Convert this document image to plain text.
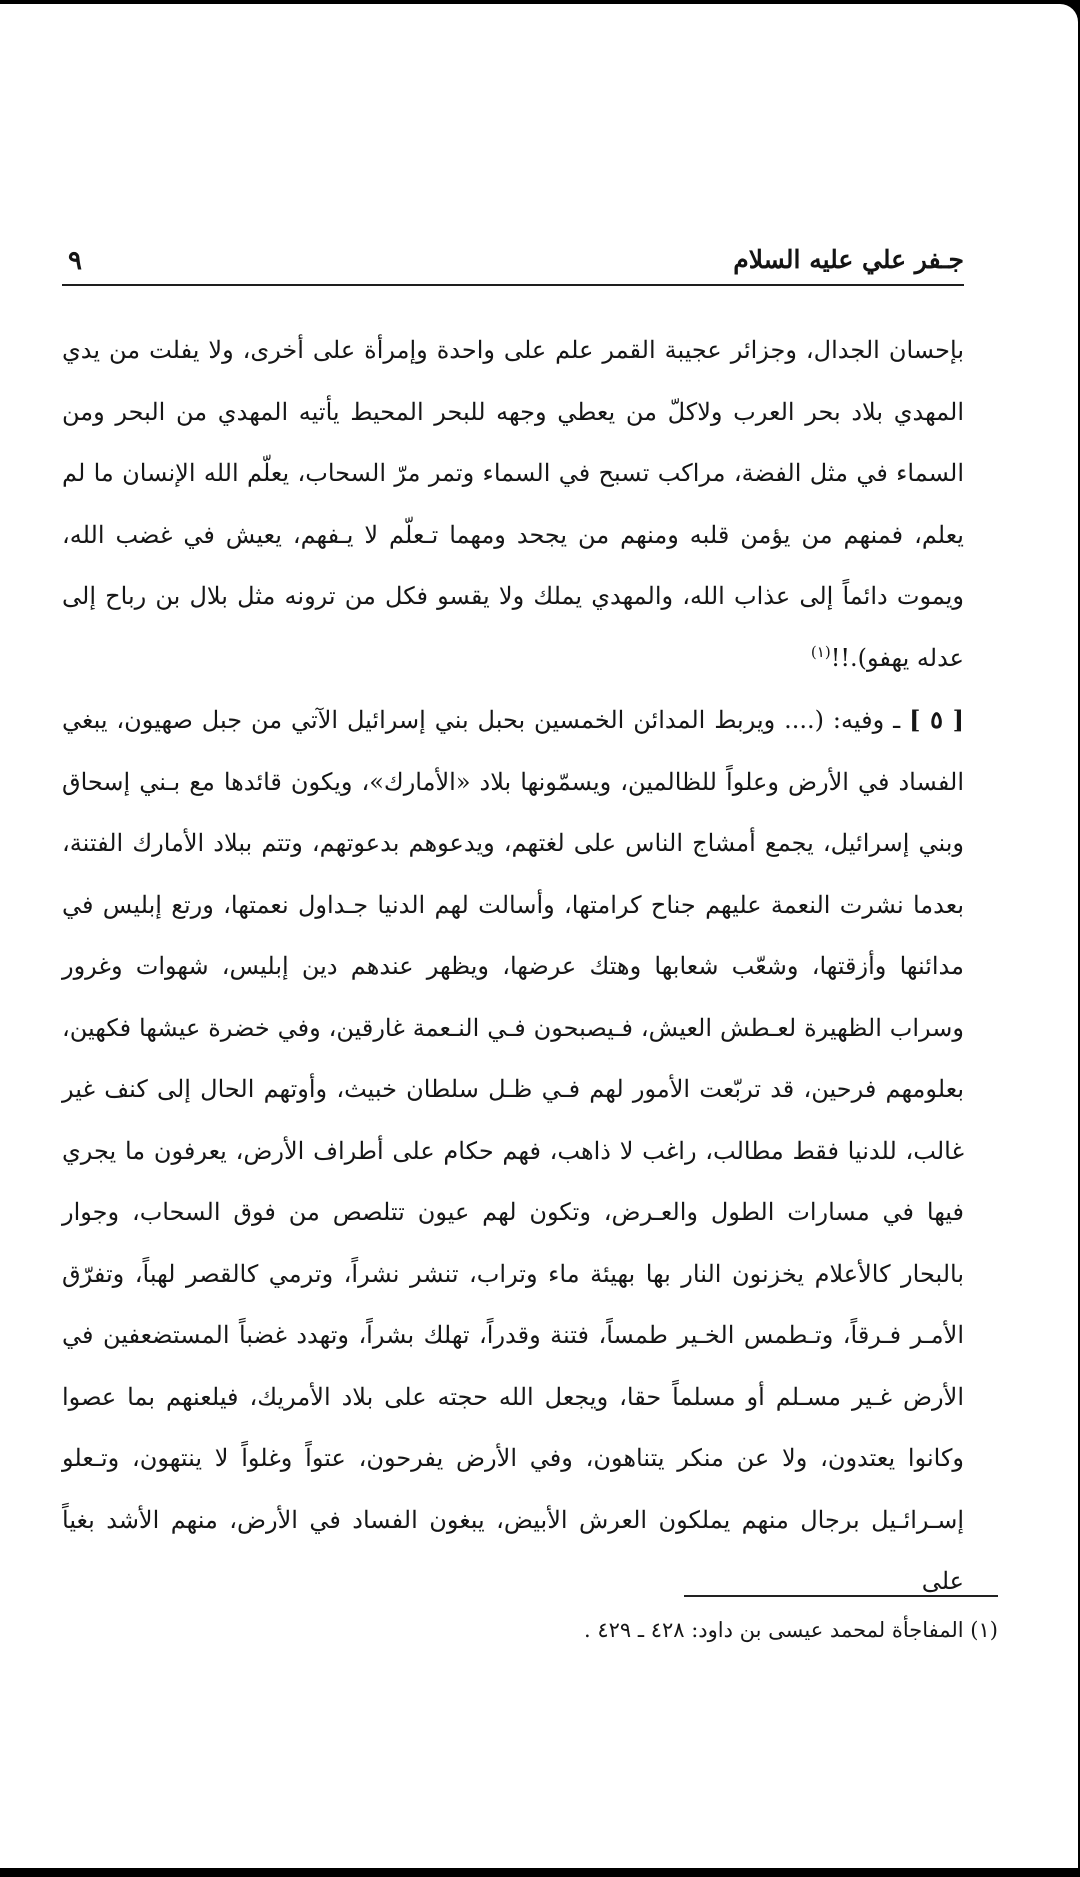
جـفر علي عليه السلام
٩

بإحسان الجدال، وجزائر عجيبة القمر علم على واحدة وإمرأة على أخرى، ولا يفلت من يدي المهدي بلاد بحر العرب ولاكلّ من يعطي وجهه للبحر المحيط يأتيه المهدي من البحر ومن السماء في مثل الفضة، مراكب تسبح في السماء وتمر مرّ السحاب، يعلّم الله الإنسان ما لم يعلم، فمنهم من يؤمن قلبه ومنهم من يجحد ومهما تـعلّم لا يـفهم، يعيش في غضب الله، ويموت دائماً إلى عذاب الله، والمهدي يملك ولا يقسو فكل من ترونه مثل بلال بن رباح إلى عدله يهفو).!!$^{(١)}$

[ ٥ ] ـ وفيه: (.... ويربط المدائن الخمسين بحبل بني إسرائيل الآتي من جبل صهيون، يبغي الفساد في الأرض وعلواً للظالمين، ويسمّونها بلاد «الأمارك»، ويكون قائدها مع بـني إسحاق وبني إسرائيل، يجمع أمشاج الناس على لغتهم، ويدعوهم بدعوتهم، وتتم ببلاد الأمارك الفتنة، بعدما نشرت النعمة عليهم جناح كرامتها، وأسالت لهم الدنيا جـداول نعمتها، ورتع إبليس في مدائنها وأزقتها، وشعّب شعابها وهتك عرضها، ويظهر عندهم دين إبليس، شهوات وغرور وسراب الظهيرة لعـطش العيش، فـيصبحون فـي النـعمة غارقين، وفي خضرة عيشها فكهين، بعلومهم فرحين، قد تربّعت الأمور لهم فـي ظـل سلطان خبيث، وأوتهم الحال إلى كنف غير غالب، للدنيا فقط مطالب، راغب لا ذاهب، فهم حكام على أطراف الأرض، يعرفون ما يجري فيها في مسارات الطول والعـرض، وتكون لهم عيون تتلصص من فوق السحاب، وجوار بالبحار كالأعلام يخزنون النار بها بهيئة ماء وتراب، تنشر نشراً، وترمي كالقصر لهباً، وتفرّق الأمـر فـرقاً، وتـطمس الخـير طمساً، فتنة وقدراً، تهلك بشراً، وتهدد غضباً المستضعفين في الأرض غـير مسـلم أو مسلماً حقا، ويجعل الله حجته على بلاد الأمريك، فيلعنهم بما عصوا وكانوا يعتدون، ولا عن منكر يتناهون، وفي الأرض يفرحون، عتواً وغلواً لا ينتهون، وتـعلو إسـرائـيل برجال منهم يملكون العرش الأبيض، يبغون الفساد في الأرض، منهم الأشد بغياً على

(١) المفاجأة لمحمد عيسى بن داود: ٤٢٨ ـ ٤٢٩ .
